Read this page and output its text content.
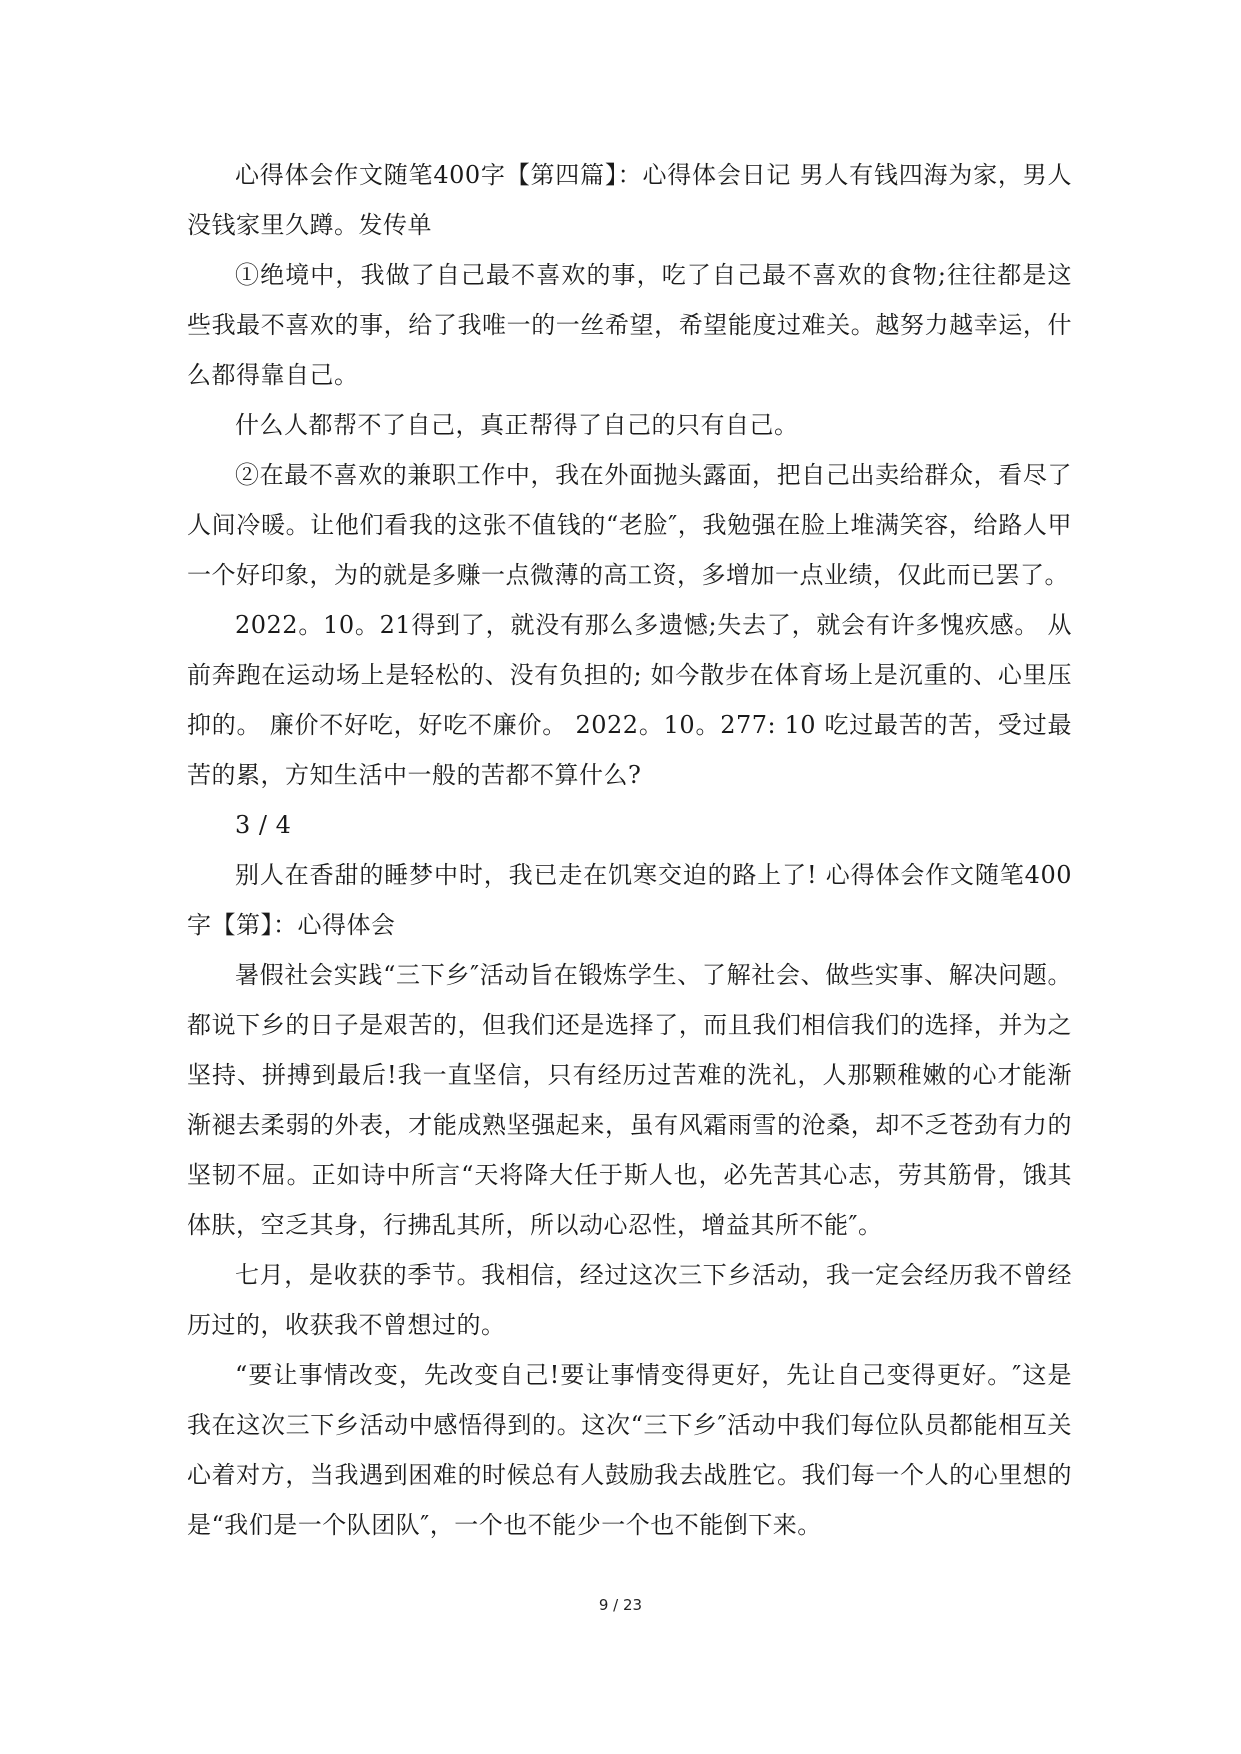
心得体会作文随笔400字【第四篇】：心得体会日记 男人有钱四海为家，男人没钱家里久蹲。发传单

①绝境中，我做了自己最不喜欢的事，吃了自己最不喜欢的食物;往往都是这些我最不喜欢的事，给了我唯一的一丝希望，希望能度过难关。越努力越幸运，什么都得靠自己。

什么人都帮不了自己，真正帮得了自己的只有自己。

②在最不喜欢的兼职工作中，我在外面抛头露面，把自己出卖给群众，看尽了人间冷暖。让他们看我的这张不值钱的“老脸″，我勉强在脸上堆满笑容，给路人甲一个好印象，为的就是多赚一点微薄的高工资，多增加一点业绩，仅此而已罢了。

2022。10。21得到了，就没有那么多遗憾;失去了，就会有许多愧疚感。 从前奔跑在运动场上是轻松的、没有负担的; 如今散步在体育场上是沉重的、心里压抑的。 廉价不好吃，好吃不廉价。 2022。10。277: 10 吃过最苦的苦，受过最苦的累，方知生活中一般的苦都不算什么?

3 / 4

别人在香甜的睡梦中时，我已走在饥寒交迫的路上了! 心得体会作文随笔400字【第】：心得体会

暑假社会实践“三下乡″活动旨在锻炼学生、了解社会、做些实事、解决问题。都说下乡的日子是艰苦的，但我们还是选择了，而且我们相信我们的选择，并为之坚持、拼搏到最后!我一直坚信，只有经历过苦难的洗礼，人那颗稚嫩的心才能渐渐褪去柔弱的外表，才能成熟坚强起来，虽有风霜雨雪的沧桑，却不乏苍劲有力的坚韧不屈。正如诗中所言“天将降大任于斯人也，必先苦其心志，劳其筋骨，饿其体肤，空乏其身，行拂乱其所，所以动心忍性，增益其所不能″。

七月，是收获的季节。我相信，经过这次三下乡活动，我一定会经历我不曾经历过的，收获我不曾想过的。

“要让事情改变，先改变自己!要让事情变得更好，先让自己变得更好。″这是我在这次三下乡活动中感悟得到的。这次“三下乡″活动中我们每位队员都能相互关心着对方，当我遇到困难的时候总有人鼓励我去战胜它。我们每一个人的心里想的是“我们是一个队团队″，一个也不能少一个也不能倒下来。

9 / 23
